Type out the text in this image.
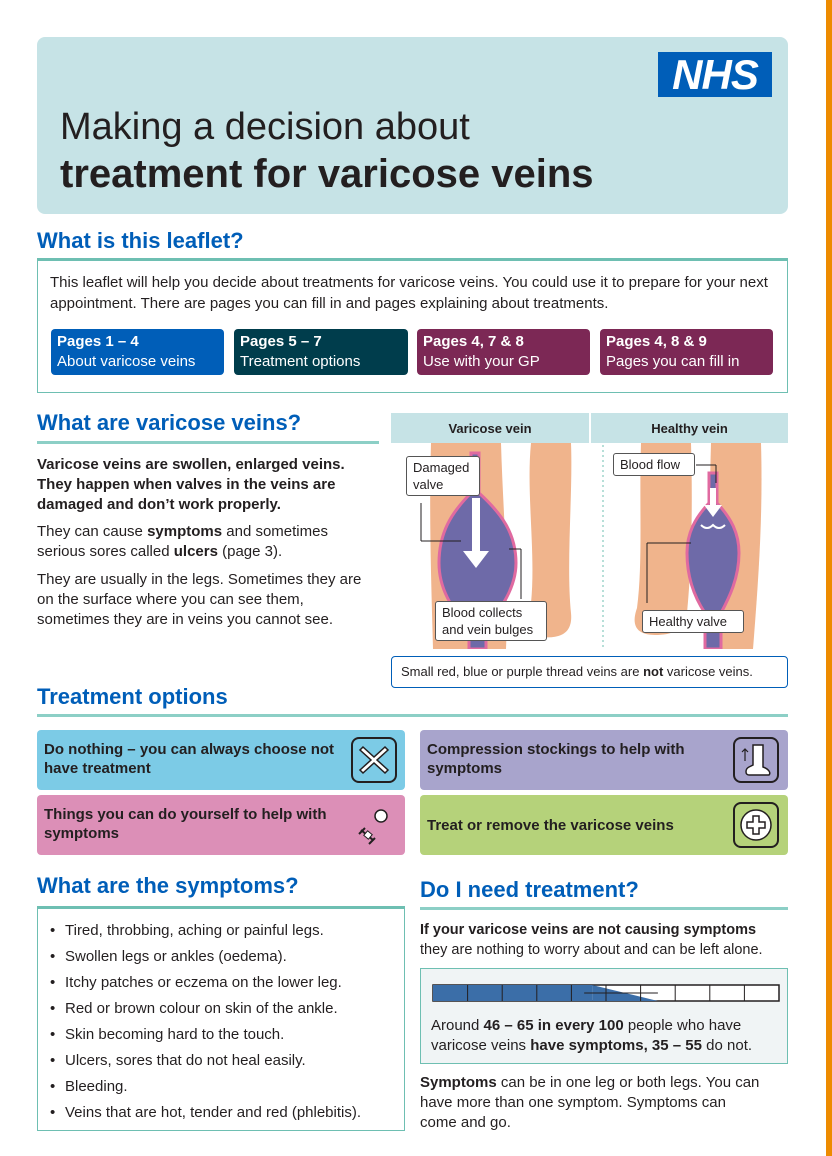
NHS
Making a decision about
treatment for varicose veins
What is this leaflet?
This leaflet will help you decide about treatments for varicose veins. You could use it to prepare for your next appointment. There are pages you can fill in and pages explaining about treatments.
Pages 1 – 4
About varicose veins
Pages 5 – 7
Treatment options
Pages 4, 7 & 8
Use with your GP
Pages 4, 8 & 9
Pages you can fill in
What are varicose veins?
Varicose veins are swollen, enlarged veins. They happen when valves in the veins are damaged and don’t work properly.
They can cause symptoms and sometimes serious sores called ulcers (page 3).
They are usually in the legs. Sometimes they are on the surface where you can see them, sometimes they are in veins you cannot see.
Varicose vein	Healthy vein
Damaged valve
Blood collects and vein bulges
Blood flow
Healthy valve
Small red, blue or purple thread veins are not varicose veins.
Treatment options
Do nothing – you can always choose not have treatment
Compression stockings to help with symptoms
Things you can do yourself to help with symptoms	Treat or remove the varicose veins
What are the symptoms?
• Tired, throbbing, aching or painful legs.
• Swollen legs or ankles (oedema).
• Itchy patches or eczema on the lower leg.
• Red or brown colour on skin of the ankle.
• Skin becoming hard to the touch.
• Ulcers, sores that do not heal easily.
• Bleeding.
• Veins that are hot, tender and red (phlebitis).
Do I need treatment?
If your varicose veins are not causing symptoms
they are nothing to worry about and can be left alone.
Around 46 – 65 in every 100 people who have varicose veins have symptoms, 35 – 55 do not.
Symptoms can be in one leg or both legs. You can have more than one symptom. Symptoms can come and go.
